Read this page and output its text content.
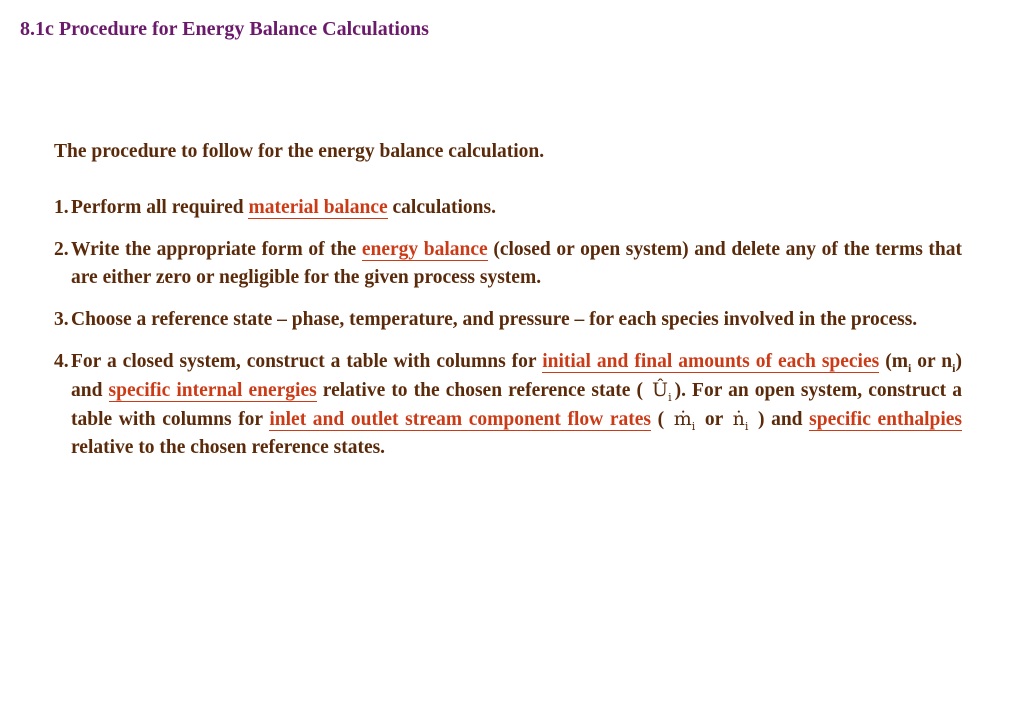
8.1c Procedure for Energy Balance Calculations

The procedure to follow for the energy balance calculation.

1. Perform all required material balance calculations.
2. Write the appropriate form of the energy balance (closed or open system) and delete any of the terms that are either zero or negligible for the given process system.
3. Choose a reference state – phase, temperature, and pressure – for each species involved in the process.
4. For a closed system, construct a table with columns for initial and final amounts of each species ($m_i$ or $n_i$) and specific internal energies relative to the chosen reference state ( $Û_i$ ). For an open system, construct a table with columns for inlet and outlet stream component flow rates ( ṁ$_i$ or ṅ$_i$ ) and specific enthalpies relative to the chosen reference states.
